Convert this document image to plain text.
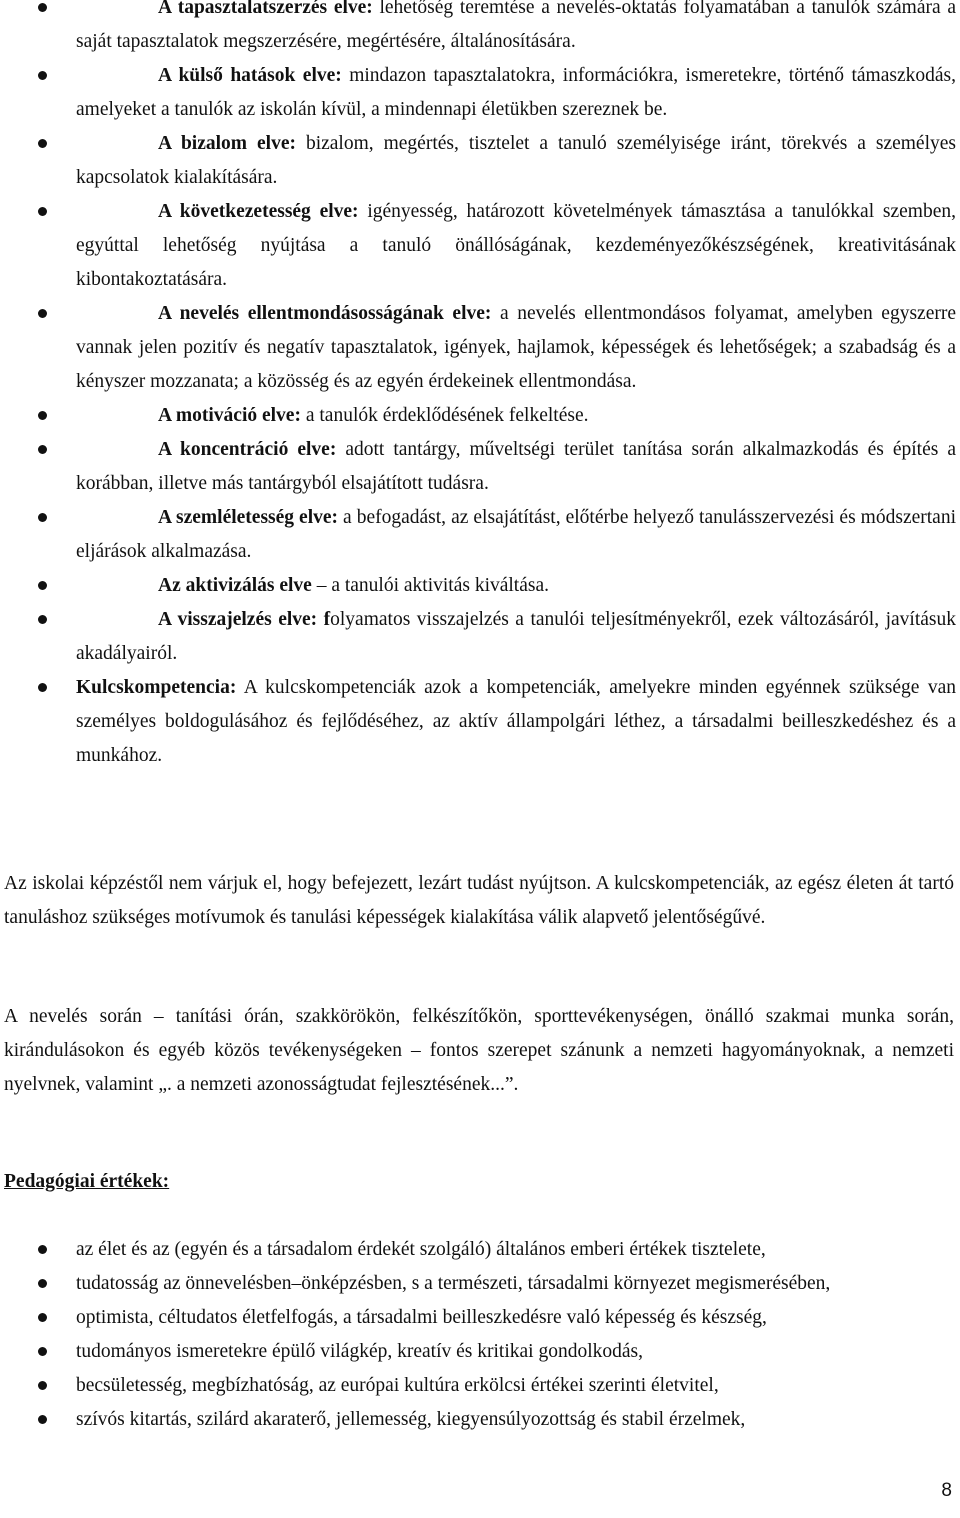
A tapasztalatszerzés elve: lehetőség teremtése a nevelés-oktatás folyamatában a tanulók számára a saját tapasztalatok megszerzésére, megértésére, általánosítására.
A külső hatások elve: mindazon tapasztalatokra, információkra, ismeretekre, történő támaszkodás, amelyeket a tanulók az iskolán kívül, a mindennapi életükben szereznek be.
A bizalom elve: bizalom, megértés, tisztelet a tanuló személyisége iránt, törekvés a személyes kapcsolatok kialakítására.
A következetesség elve: igényesség, határozott követelmények támasztása a tanulókkal szemben, egyúttal lehetőség nyújtása a tanuló önállóságának, kezdeményezőkészségének, kreativitásának kibontakoztatására.
A nevelés ellentmondásosságának elve: a nevelés ellentmondásos folyamat, amelyben egyszerre vannak jelen pozitív és negatív tapasztalatok, igények, hajlamok, képességek és lehetőségek; a szabadság és a kényszer mozzanata; a közösség és az egyén érdekeinek ellentmondása.
A motiváció elve: a tanulók érdeklődésének felkeltése.
A koncentráció elve: adott tantárgy, műveltségi terület tanítása során alkalmazkodás és építés a korábban, illetve más tantárgyból elsajátított tudásra.
A szemléletesség elve: a befogadást, az elsajátítást, előtérbe helyező tanulásszervezési és módszertani eljárások alkalmazása.
Az aktivizálás elve – a tanulói aktivitás kiváltása.
A visszajelzés elve: folyamatos visszajelzés a tanulói teljesítményekről, ezek változásáról, javításuk akadályairól.
Kulcskompetencia: A kulcskompetenciák azok a kompetenciák, amelyekre minden egyénnek szüksége van személyes boldogulásához és fejlődéséhez, az aktív állampolgári léthez, a társadalmi beilleszkedéshez és a munkához.

Az iskolai képzéstől nem várjuk el, hogy befejezett, lezárt tudást nyújtson. A kulcskompetenciák, az egész életen át tartó tanuláshoz szükséges motívumok és tanulási képességek kialakítása válik alapvető jelentőségűvé.

A nevelés során – tanítási órán, szakkörökön, felkészítőkön, sporttevékenységen, önálló szakmai munka során, kirándulásokon és egyéb közös tevékenységeken – fontos szerepet szánunk a nemzeti hagyományoknak, a nemzeti nyelvnek, valamint „. a nemzeti azonosságtudat fejlesztésének...”.

Pedagógiai értékek:
az élet és az (egyén és a társadalom érdekét szolgáló) általános emberi értékek tisztelete,
tudatosság az önnevelésben–önképzésben, s a természeti, társadalmi környezet megismerésében,
optimista, céltudatos életfelfogás, a társadalmi beilleszkedésre való képesség és készség,
tudományos ismeretekre épülő világkép, kreatív és kritikai gondolkodás,
becsületesség, megbízhatóság, az európai kultúra erkölcsi értékei szerinti életvitel,
szívós kitartás, szilárd akaraterő, jellemesség, kiegyensúlyozottság és stabil érzelmek,
8
